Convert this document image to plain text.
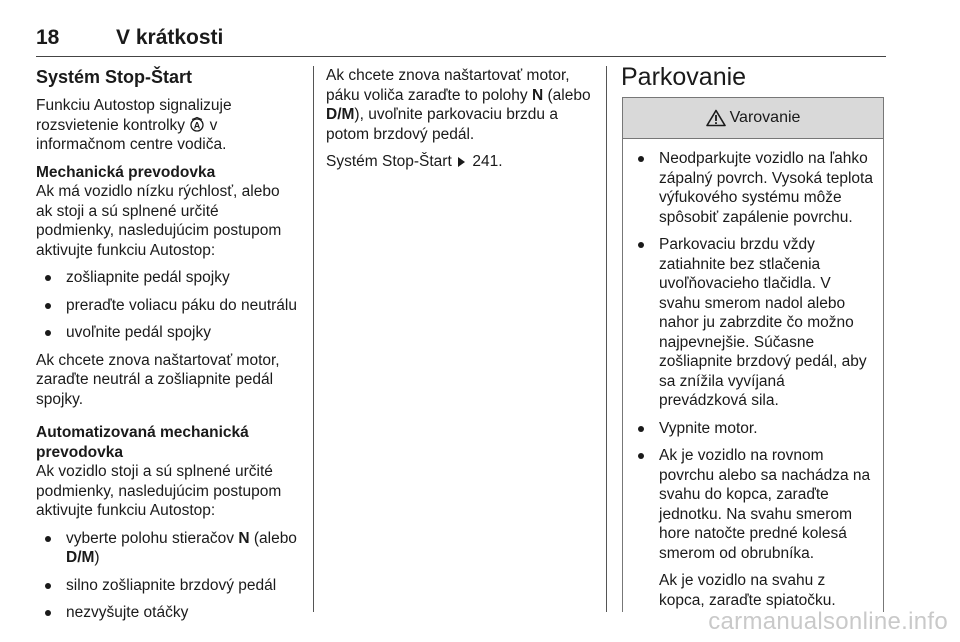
18	V krátkosti
Systém Stop-Štart

Funkciu Autostop signalizuje rozsvietenie kontrolky A v informačnom centre vodiča.

Mechanická prevodovka
Ak má vozidlo nízku rýchlosť, alebo ak stoji a sú splnené určité podmienky, nasledujúcim postupom aktivujte funkciu Autostop:

zošliapnite pedál spojky
preraďte voliacu páku do neutrálu
uvoľnite pedál spojky

Ak chcete znova naštartovať motor, zaraďte neutrál a zošliapnite pedál spojky.

Automatizovaná mechanická prevodovka
Ak vozidlo stoji a sú splnené určité podmienky, nasledujúcim postupom aktivujte funkciu Autostop:

vyberte polohu stieračov N (alebo D/M)
silno zošliapnite brzdový pedál
nezvyšujte otáčky

Ak chcete znova naštartovať motor, páku voliča zaraďte to polohy N (alebo D/M), uvoľnite parkovaciu brzdu a potom brzdový pedál.

Systém Stop-Štart 241.

Parkovanie
Varovanie
Neodparkujte vozidlo na ľahko zápalný povrch. Vysoká teplota výfukového systému môže spôsobiť zapálenie povrchu.
Parkovaciu brzdu vždy zatiahnite bez stlačenia uvoľňovacieho tlačidla. V svahu smerom nadol alebo nahor ju zabrzdite čo možno najpevnejšie. Súčasne zošliapnite brzdový pedál, aby sa znížila vyvíjaná prevádzková sila.
Vypnite motor.

Ak je vozidlo na rovnom povrchu alebo sa nachádza na svahu do kopca, zaraďte jednotku. Na svahu smerom hore natočte predné kolesá smerom od obrubníka.

Ak je vozidlo na svahu z kopca, zaraďte spiatočku.

carmanualsonline.info
